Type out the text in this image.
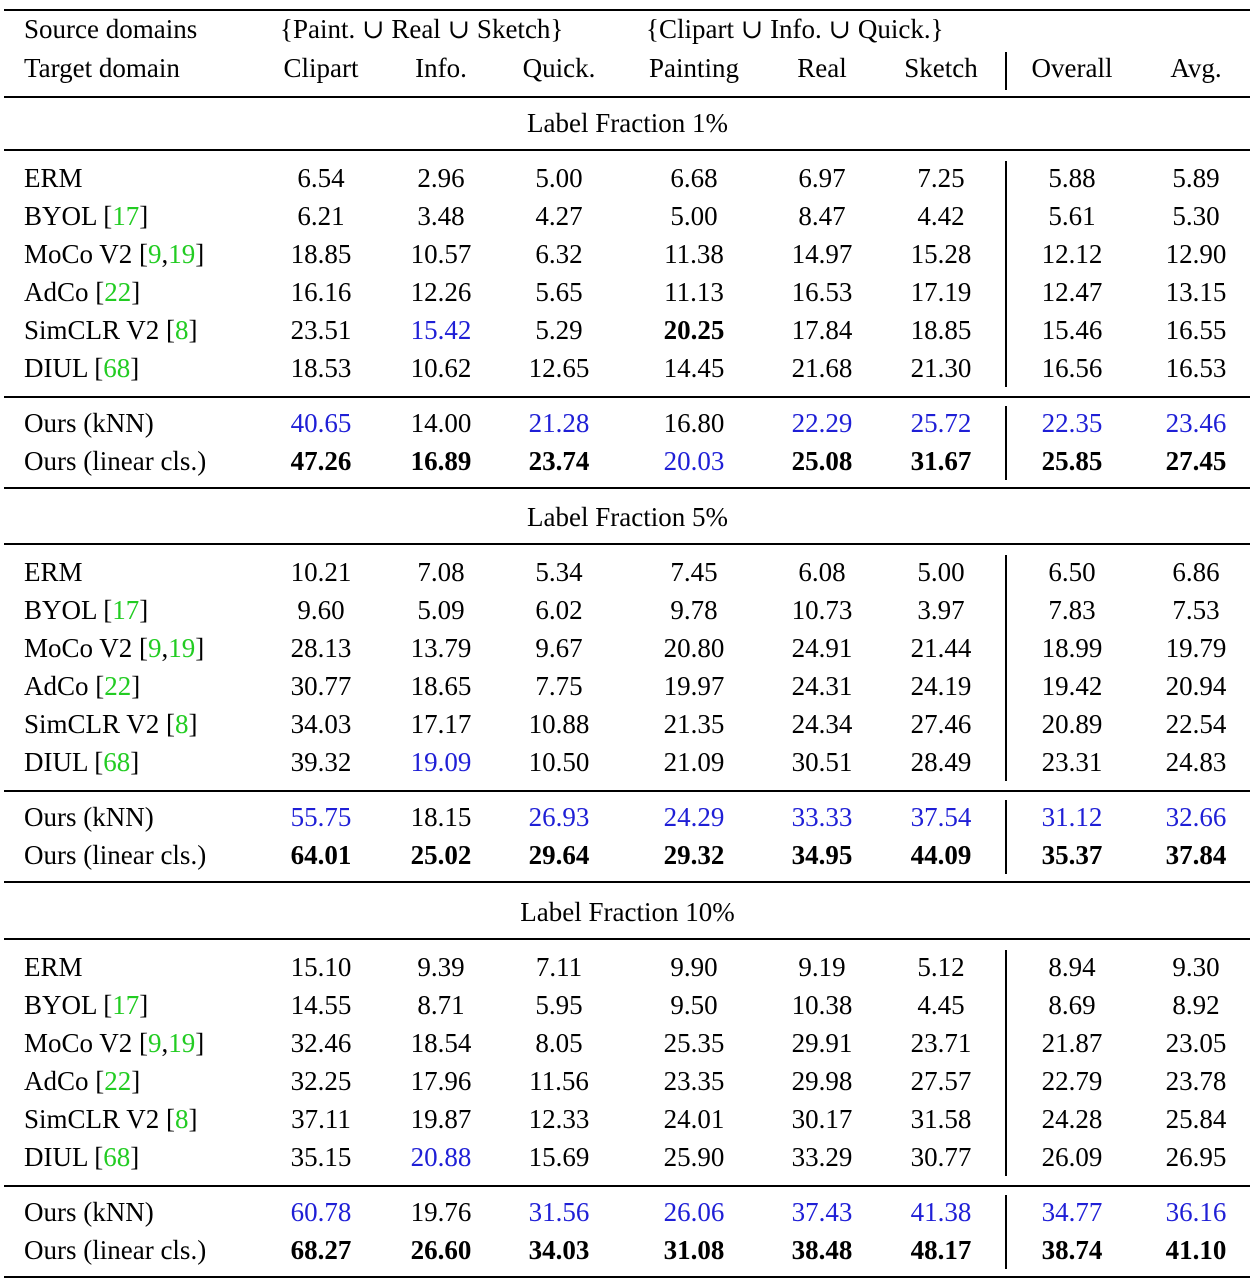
Source domains	{Paint. ∪ Real ∪ Sketch}	{Clipart ∪ Info. ∪ Quick.}
Target domain	Clipart	Info.	Quick.	Painting	Real	Sketch	Overall	Avg.
Label Fraction 1%
ERM	6.54	2.96	5.00	6.68	6.97	7.25	5.88	5.89
BYOL [17]	6.21	3.48	4.27	5.00	8.47	4.42	5.61	5.30
MoCo V2 [9,19]	18.85	10.57	6.32	11.38	14.97	15.28	12.12	12.90
AdCo [22]	16.16	12.26	5.65	11.13	16.53	17.19	12.47	13.15
SimCLR V2 [8]	23.51	15.42	5.29	20.25	17.84	18.85	15.46	16.55
DIUL [68]	18.53	10.62	12.65	14.45	21.68	21.30	16.56	16.53
Ours (kNN)	40.65	14.00	21.28	16.80	22.29	25.72	22.35	23.46
Ours (linear cls.)	47.26	16.89	23.74	20.03	25.08	31.67	25.85	27.45
Label Fraction 5%
ERM	10.21	7.08	5.34	7.45	6.08	5.00	6.50	6.86
BYOL [17]	9.60	5.09	6.02	9.78	10.73	3.97	7.83	7.53
MoCo V2 [9,19]	28.13	13.79	9.67	20.80	24.91	21.44	18.99	19.79
AdCo [22]	30.77	18.65	7.75	19.97	24.31	24.19	19.42	20.94
SimCLR V2 [8]	34.03	17.17	10.88	21.35	24.34	27.46	20.89	22.54
DIUL [68]	39.32	19.09	10.50	21.09	30.51	28.49	23.31	24.83
Ours (kNN)	55.75	18.15	26.93	24.29	33.33	37.54	31.12	32.66
Ours (linear cls.)	64.01	25.02	29.64	29.32	34.95	44.09	35.37	37.84
Label Fraction 10%
ERM	15.10	9.39	7.11	9.90	9.19	5.12	8.94	9.30
BYOL [17]	14.55	8.71	5.95	9.50	10.38	4.45	8.69	8.92
MoCo V2 [9,19]	32.46	18.54	8.05	25.35	29.91	23.71	21.87	23.05
AdCo [22]	32.25	17.96	11.56	23.35	29.98	27.57	22.79	23.78
SimCLR V2 [8]	37.11	19.87	12.33	24.01	30.17	31.58	24.28	25.84
DIUL [68]	35.15	20.88	15.69	25.90	33.29	30.77	26.09	26.95
Ours (kNN)	60.78	19.76	31.56	26.06	37.43	41.38	34.77	36.16
Ours (linear cls.)	68.27	26.60	34.03	31.08	38.48	48.17	38.74	41.10
